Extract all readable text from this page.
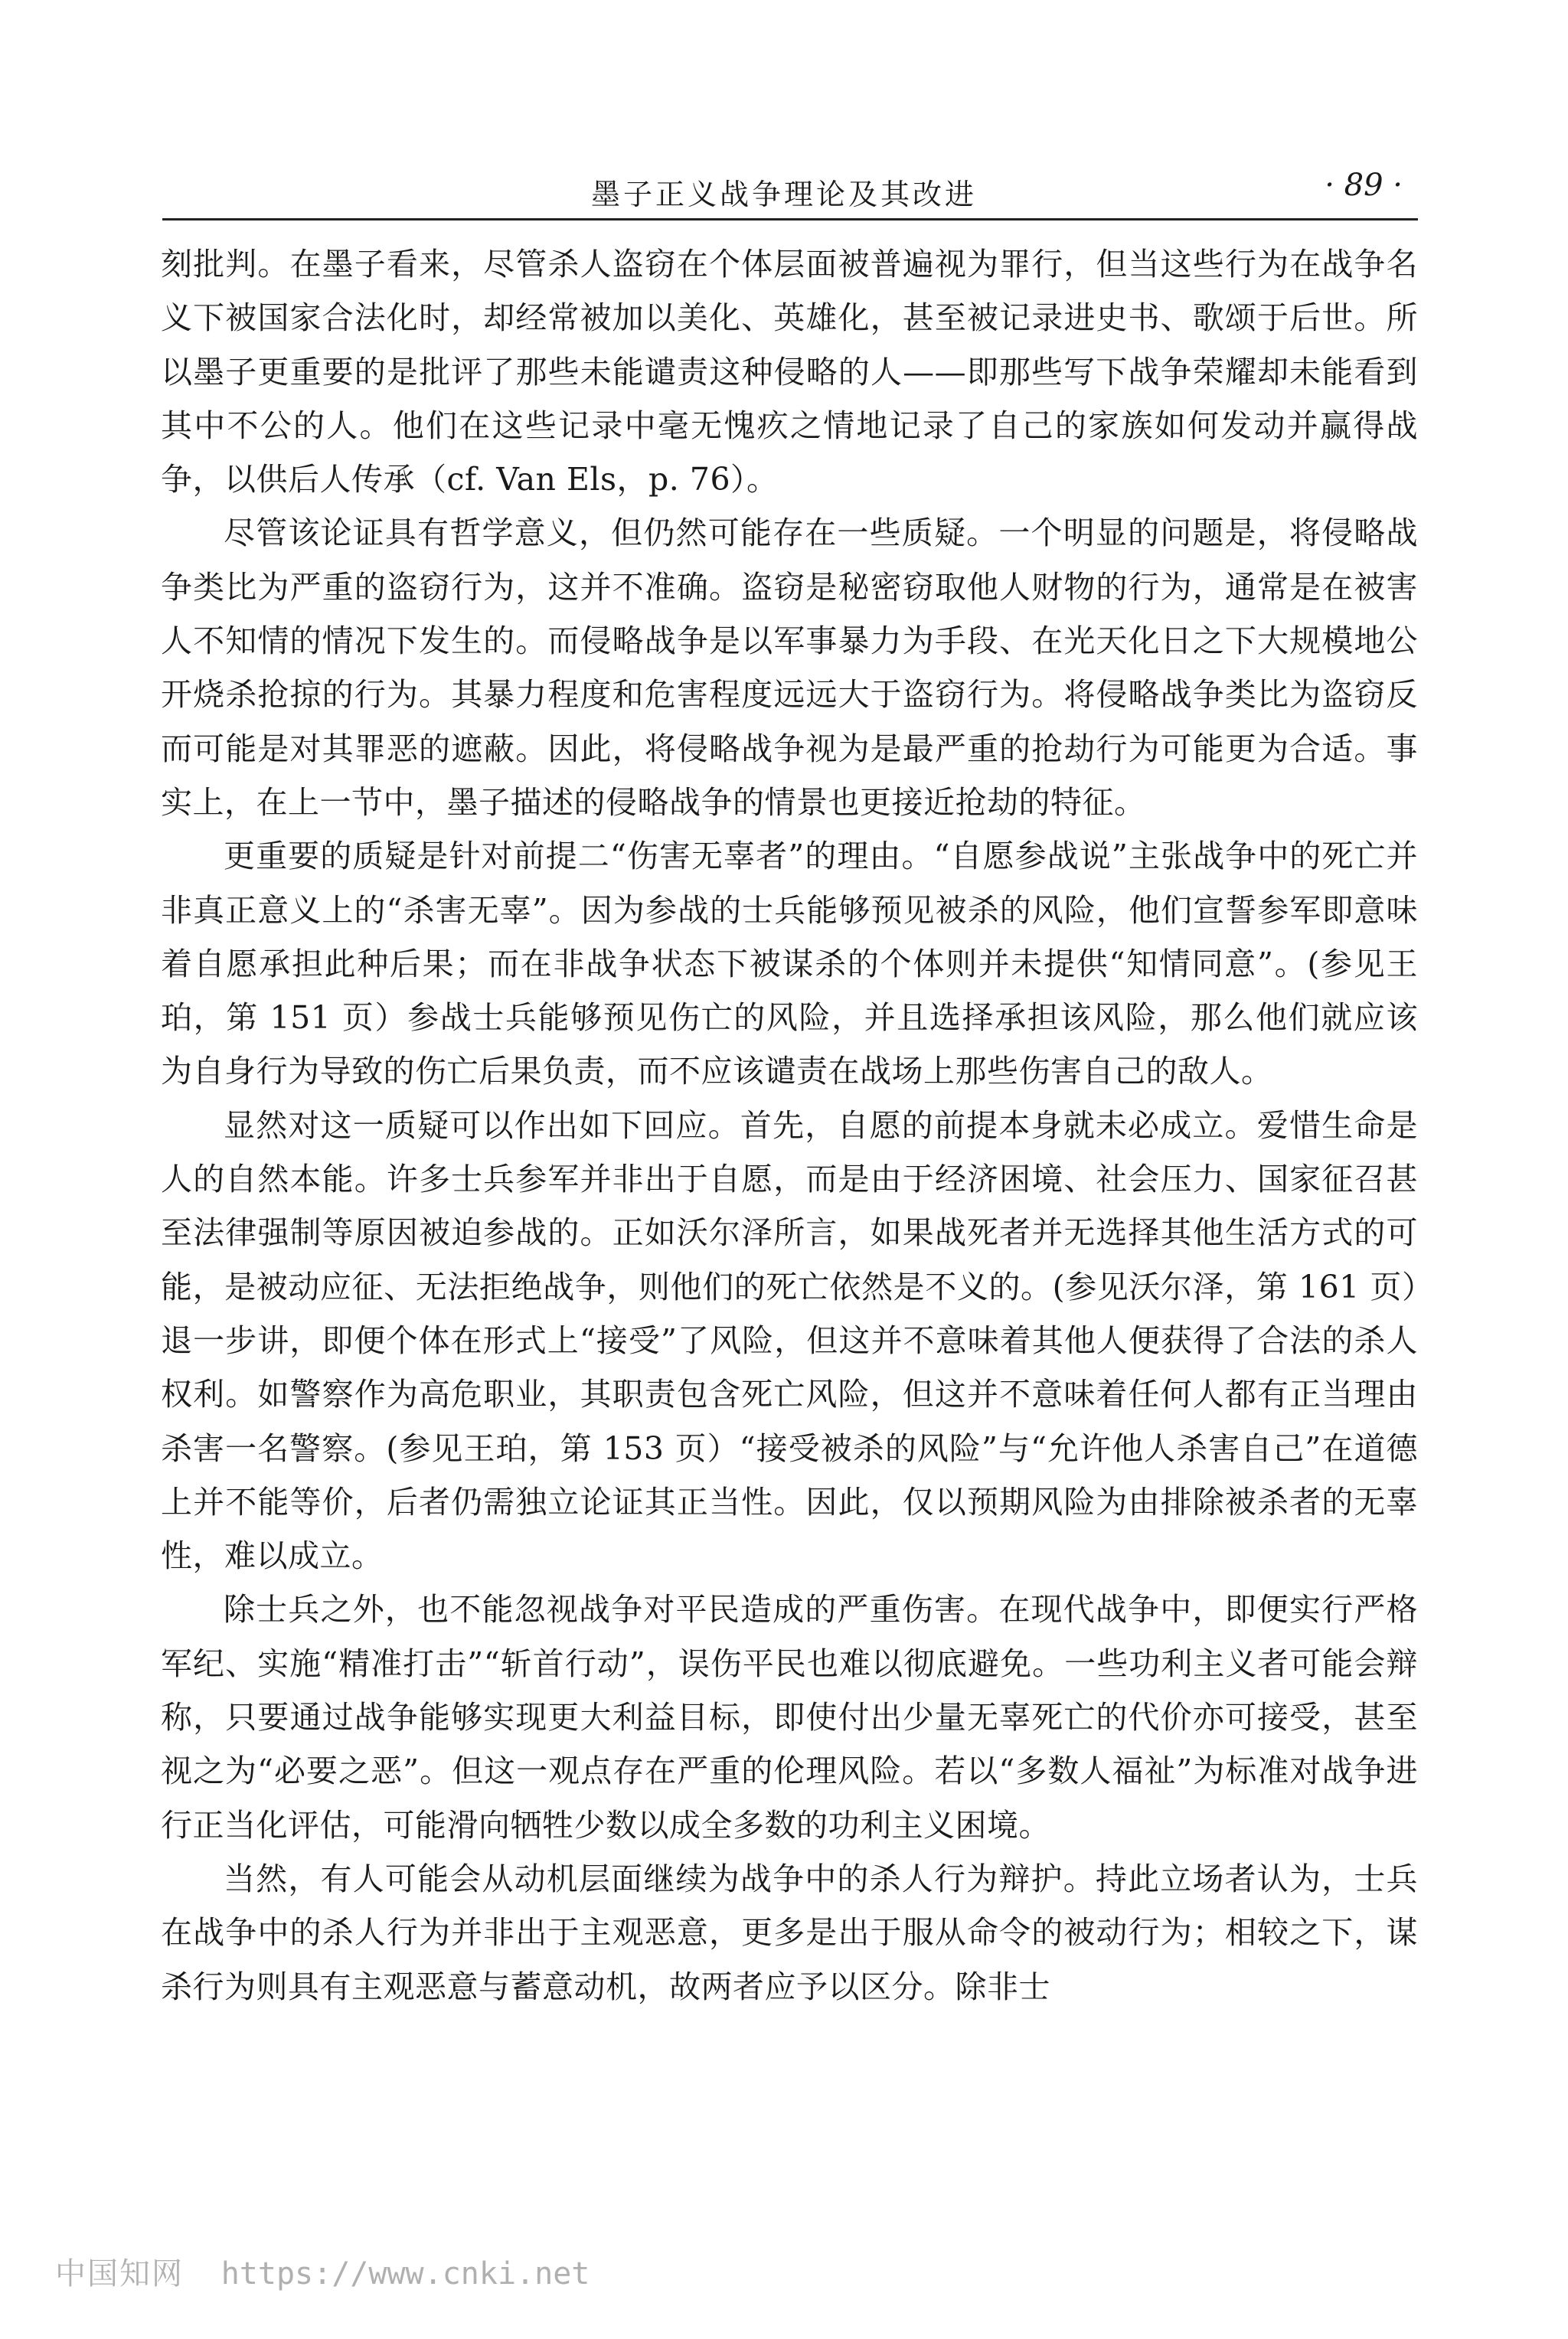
墨子正义战争理论及其改进	· 89 ·

刻批判。在墨子看来，尽管杀人盗窃在个体层面被普遍视为罪行，但当这些行为在战争名义下被国家合法化时，却经常被加以美化、英雄化，甚至被记录进史书、歌颂于后世。所以墨子更重要的是批评了那些未能谴责这种侵略的人——即那些写下战争荣耀却未能看到其中不公的人。他们在这些记录中毫无愧疚之情地记录了自己的家族如何发动并赢得战争，以供后人传承（cf. Van Els，p. 76）。

尽管该论证具有哲学意义，但仍然可能存在一些质疑。一个明显的问题是，将侵略战争类比为严重的盗窃行为，这并不准确。盗窃是秘密窃取他人财物的行为，通常是在被害人不知情的情况下发生的。而侵略战争是以军事暴力为手段、在光天化日之下大规模地公开烧杀抢掠的行为。其暴力程度和危害程度远远大于盗窃行为。将侵略战争类比为盗窃反而可能是对其罪恶的遮蔽。因此，将侵略战争视为是最严重的抢劫行为可能更为合适。事实上，在上一节中，墨子描述的侵略战争的情景也更接近抢劫的特征。

更重要的质疑是针对前提二“伤害无辜者”的理由。“自愿参战说”主张战争中的死亡并非真正意义上的“杀害无辜”。因为参战的士兵能够预见被杀的风险，他们宣誓参军即意味着自愿承担此种后果；而在非战争状态下被谋杀的个体则并未提供“知情同意”。(参见王珀，第 151 页）参战士兵能够预见伤亡的风险，并且选择承担该风险，那么他们就应该为自身行为导致的伤亡后果负责，而不应该谴责在战场上那些伤害自己的敌人。

显然对这一质疑可以作出如下回应。首先，自愿的前提本身就未必成立。爱惜生命是人的自然本能。许多士兵参军并非出于自愿，而是由于经济困境、社会压力、国家征召甚至法律强制等原因被迫参战的。正如沃尔泽所言，如果战死者并无选择其他生活方式的可能，是被动应征、无法拒绝战争，则他们的死亡依然是不义的。(参见沃尔泽，第 161 页）退一步讲，即便个体在形式上“接受”了风险，但这并不意味着其他人便获得了合法的杀人权利。如警察作为高危职业，其职责包含死亡风险，但这并不意味着任何人都有正当理由杀害一名警察。(参见王珀，第 153 页）“接受被杀的风险”与“允许他人杀害自己”在道德上并不能等价，后者仍需独立论证其正当性。因此，仅以预期风险为由排除被杀者的无辜性，难以成立。

除士兵之外，也不能忽视战争对平民造成的严重伤害。在现代战争中，即便实行严格军纪、实施“精准打击”“斩首行动”，误伤平民也难以彻底避免。一些功利主义者可能会辩称，只要通过战争能够实现更大利益目标，即使付出少量无辜死亡的代价亦可接受，甚至视之为“必要之恶”。但这一观点存在严重的伦理风险。若以“多数人福祉”为标准对战争进行正当化评估，可能滑向牺牲少数以成全多数的功利主义困境。

当然，有人可能会从动机层面继续为战争中的杀人行为辩护。持此立场者认为，士兵在战争中的杀人行为并非出于主观恶意，更多是出于服从命令的被动行为；相较之下，谋杀行为则具有主观恶意与蓄意动机，故两者应予以区分。除非士

中国知网 https://www.cnki.net
